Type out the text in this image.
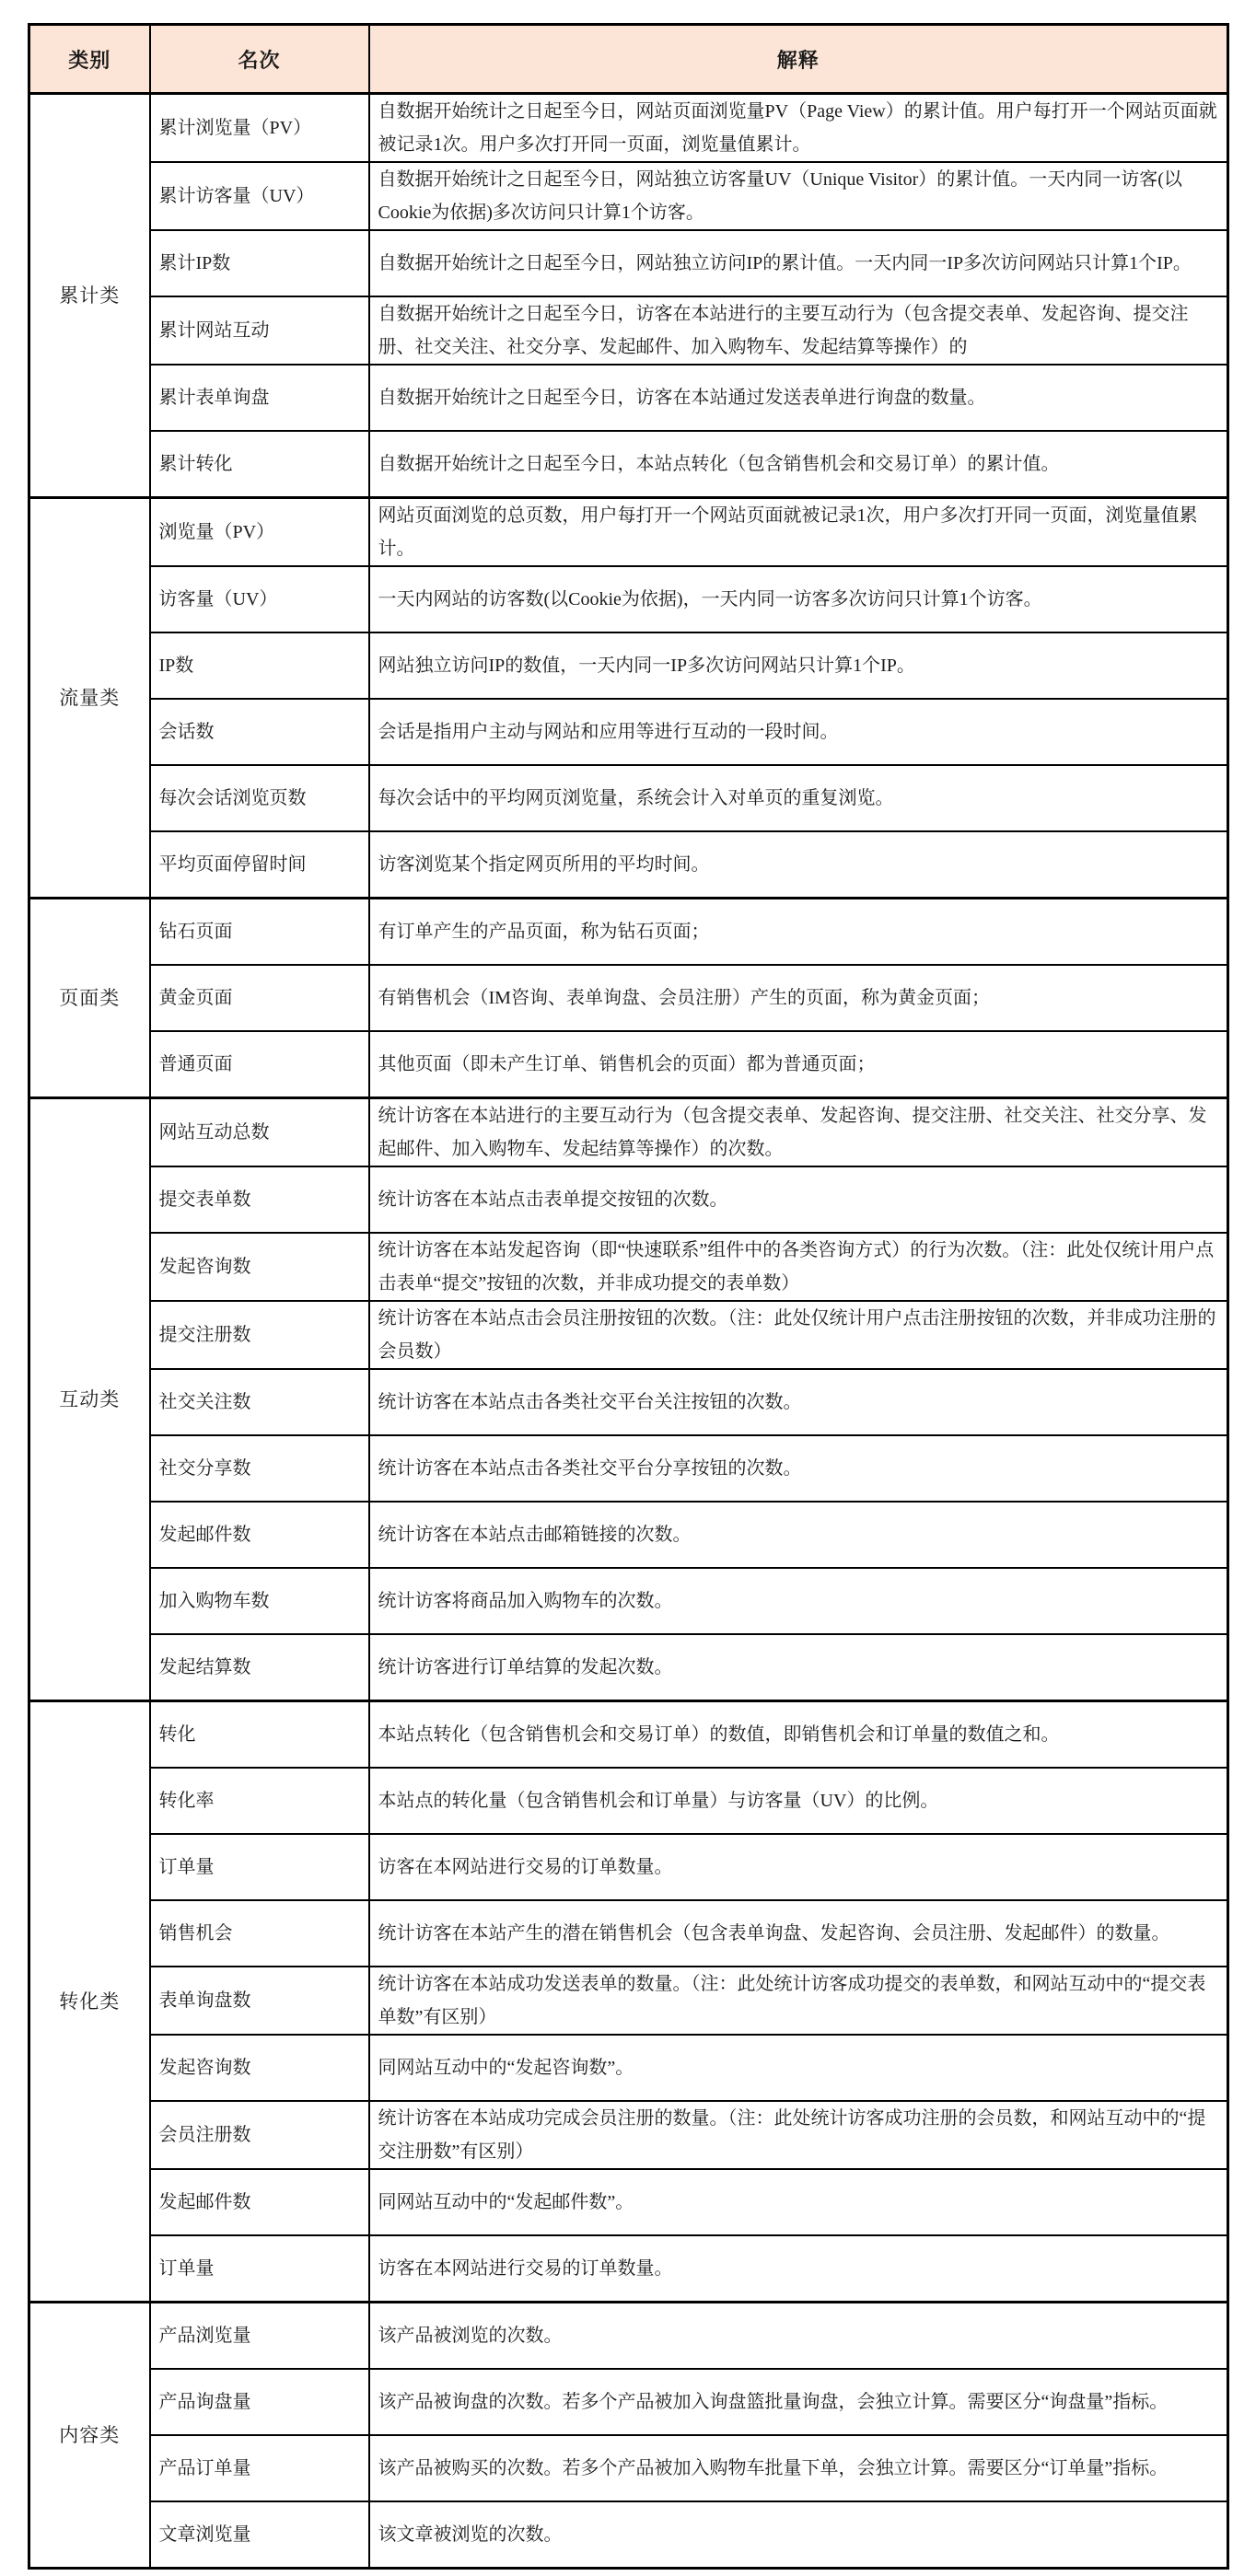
类别	名次	解释
累计类	累计浏览量（PV）	自数据开始统计之日起至今日，网站页面浏览量PV（Page View）的累计值。用户每打开一个网站页面就被记录1次。用户多次打开同一页面，浏览量值累计。

	累计访客量（UV）	自数据开始统计之日起至今日，网站独立访客量UV（Unique Visitor）的累计值。一天内同一访客(以Cookie为依据)多次访问只计算1个访客。

	累计IP数	自数据开始统计之日起至今日，网站独立访问IP的累计值。一天内同一IP多次访问网站只计算1个IP。

	累计网站互动	自数据开始统计之日起至今日，访客在本站进行的主要互动行为（包含提交表单、发起咨询、提交注册、社交关注、社交分享、发起邮件、加入购物车、发起结算等操作）的

	累计表单询盘	自数据开始统计之日起至今日，访客在本站通过发送表单进行询盘的数量。

	累计转化	自数据开始统计之日起至今日，本站点转化（包含销售机会和交易订单）的累计值。

流量类	浏览量（PV）	网站页面浏览的总页数，用户每打开一个网站页面就被记录1次，用户多次打开同一页面，浏览量值累计。

	访客量（UV）	一天内网站的访客数(以Cookie为依据)，一天内同一访客多次访问只计算1个访客。

	IP数	网站独立访问IP的数值，一天内同一IP多次访问网站只计算1个IP。

	会话数	会话是指用户主动与网站和应用等进行互动的一段时间。

	每次会话浏览页数	每次会话中的平均网页浏览量，系统会计入对单页的重复浏览。

	平均页面停留时间	访客浏览某个指定网页所用的平均时间。

页面类	钻石页面	有订单产生的产品页面，称为钻石页面；

	黄金页面	有销售机会（IM咨询、表单询盘、会员注册）产生的页面，称为黄金页面；

	普通页面	其他页面（即未产生订单、销售机会的页面）都为普通页面；

互动类	网站互动总数	统计访客在本站进行的主要互动行为（包含提交表单、发起咨询、提交注册、社交关注、社交分享、发起邮件、加入购物车、发起结算等操作）的次数。

	提交表单数	统计访客在本站点击表单提交按钮的次数。

	发起咨询数	统计访客在本站发起咨询（即“快速联系”组件中的各类咨询方式）的行为次数。（注：此处仅统计用户点击表单“提交”按钮的次数，并非成功提交的表单数）

	提交注册数	统计访客在本站点击会员注册按钮的次数。（注：此处仅统计用户点击注册按钮的次数，并非成功注册的会员数）

	社交关注数	统计访客在本站点击各类社交平台关注按钮的次数。

	社交分享数	统计访客在本站点击各类社交平台分享按钮的次数。

	发起邮件数	统计访客在本站点击邮箱链接的次数。

	加入购物车数	统计访客将商品加入购物车的次数。

	发起结算数	统计访客进行订单结算的发起次数。

转化类	转化	本站点转化（包含销售机会和交易订单）的数值，即销售机会和订单量的数值之和。

	转化率	本站点的转化量（包含销售机会和订单量）与访客量（UV）的比例。

	订单量	访客在本网站进行交易的订单数量。

	销售机会	统计访客在本站产生的潜在销售机会（包含表单询盘、发起咨询、会员注册、发起邮件）的数量。

	表单询盘数	统计访客在本站成功发送表单的数量。（注：此处统计访客成功提交的表单数，和网站互动中的“提交表单数”有区别）

	发起咨询数	同网站互动中的“发起咨询数”。

	会员注册数	统计访客在本站成功完成会员注册的数量。（注：此处统计访客成功注册的会员数，和网站互动中的“提交注册数”有区别）

	发起邮件数	同网站互动中的“发起邮件数”。

	订单量	访客在本网站进行交易的订单数量。

内容类	产品浏览量	该产品被浏览的次数。

	产品询盘量	该产品被询盘的次数。若多个产品被加入询盘篮批量询盘，会独立计算。需要区分“询盘量”指标。

	产品订单量	该产品被购买的次数。若多个产品被加入购物车批量下单，会独立计算。需要区分“订单量”指标。

	文章浏览量	该文章被浏览的次数。
